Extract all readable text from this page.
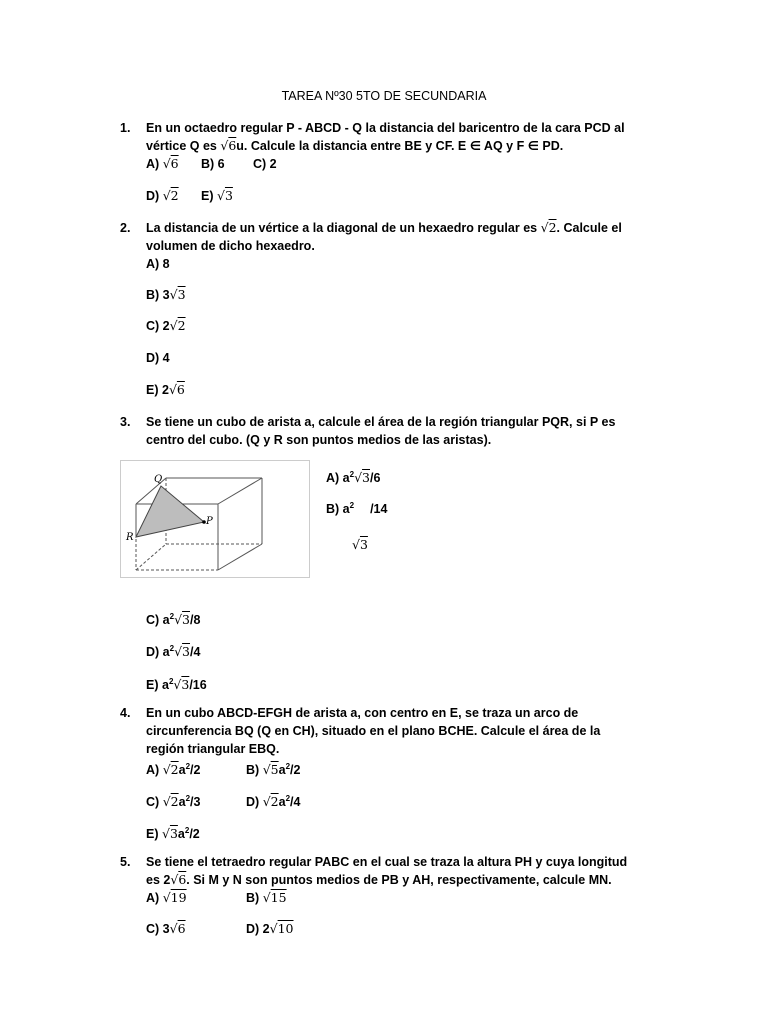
TAREA Nº30 5TO DE SECUNDARIA
1. En un octaedro regular P - ABCD - Q la distancia del baricentro de la cara PCD al
vértice Q es √6u. Calcule la distancia entre BE y CF. E ∈ AQ y F ∈ PD.
A) √6 B) 6 C) 2
D) √2 E) √3
2. La distancia de un vértice a la diagonal de un hexaedro regular es √2. Calcule el
volumen de dicho hexaedro.
A) 8
B) 3√3
C) 2√2
D) 4
E) 2√6
3. Se tiene un cubo de arista a, calcule el área de la región triangular PQR, si P es
centro del cubo. (Q y R son puntos medios de las aristas).
Q
P
R
A) $a^2√3/6$
B) $a^2$ /14
√3
C) $a^2√3/8$
D) $a^2√3/4$
E) $a^2√3/16$
4. En un cubo ABCD-EFGH de arista a, con centro en E, se traza un arco de
circunferencia BQ (Q en CH), situado en el plano BCHE. Calcule el área de la
región triangular EBQ.
A) $√2a^2/2$	B) $√5a^2/2$
C) $√2a^2/3$	D) $√2a^2/4$
E) $√3a^2/2$
5. Se tiene el tetraedro regular PABC en el cual se traza la altura PH y cuya longitud
es 2√6. Si M y N son puntos medios de PB y AH, respectivamente, calcule MN.
A) √19	B) √15
C) 3√6	D) 2√10
